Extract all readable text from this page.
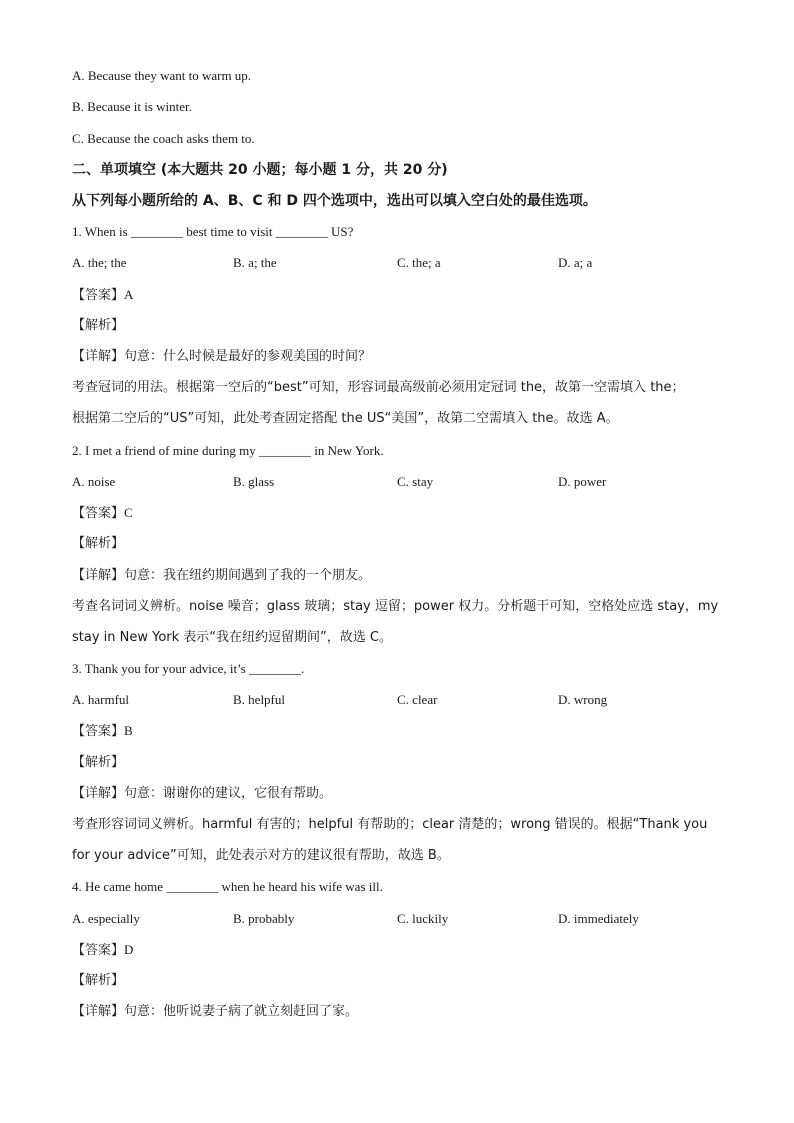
A. Because they want to warm up.
B. Because it is winter.
C. Because the coach asks them to.
二、单项填空 (本大题共 20 小题；每小题 1 分，共 20 分)
从下列每小题所给的 A、B、C 和 D 四个选项中，选出可以填入空白处的最佳选项。
1. When is ________ best time to visit ________ US?
A. the; the	B. a; the	C. the; a	D. a; a
【答案】A
【解析】
【详解】句意：什么时候是最好的参观美国的时间？
考查冠词的用法。根据第一空后的“best”可知，形容词最高级前必须用定冠词 the，故第一空需填入 the；
根据第二空后的“US”可知，此处考查固定搭配 the US“美国”，故第二空需填入 the。故选 A。
2. I met a friend of mine during my ________ in New York.
A. noise	B. glass	C. stay	D. power
【答案】C
【解析】
【详解】句意：我在纽约期间遇到了我的一个朋友。
考查名词词义辨析。noise 噪音；glass 玻璃；stay 逗留；power 权力。分析题干可知，空格处应选 stay，my
stay in New York 表示“我在纽约逗留期间”，故选 C。
3. Thank you for your advice, it’s ________.
A. harmful	B. helpful	C. clear	D. wrong
【答案】B
【解析】
【详解】句意：谢谢你的建议，它很有帮助。
考查形容词词义辨析。harmful 有害的；helpful 有帮助的；clear 清楚的；wrong 错误的。根据“Thank you
for your advice”可知，此处表示对方的建议很有帮助，故选 B。
4. He came home ________ when he heard his wife was ill.
A. especially	B. probably	C. luckily	D. immediately
【答案】D
【解析】
【详解】句意：他听说妻子病了就立刻赶回了家。
